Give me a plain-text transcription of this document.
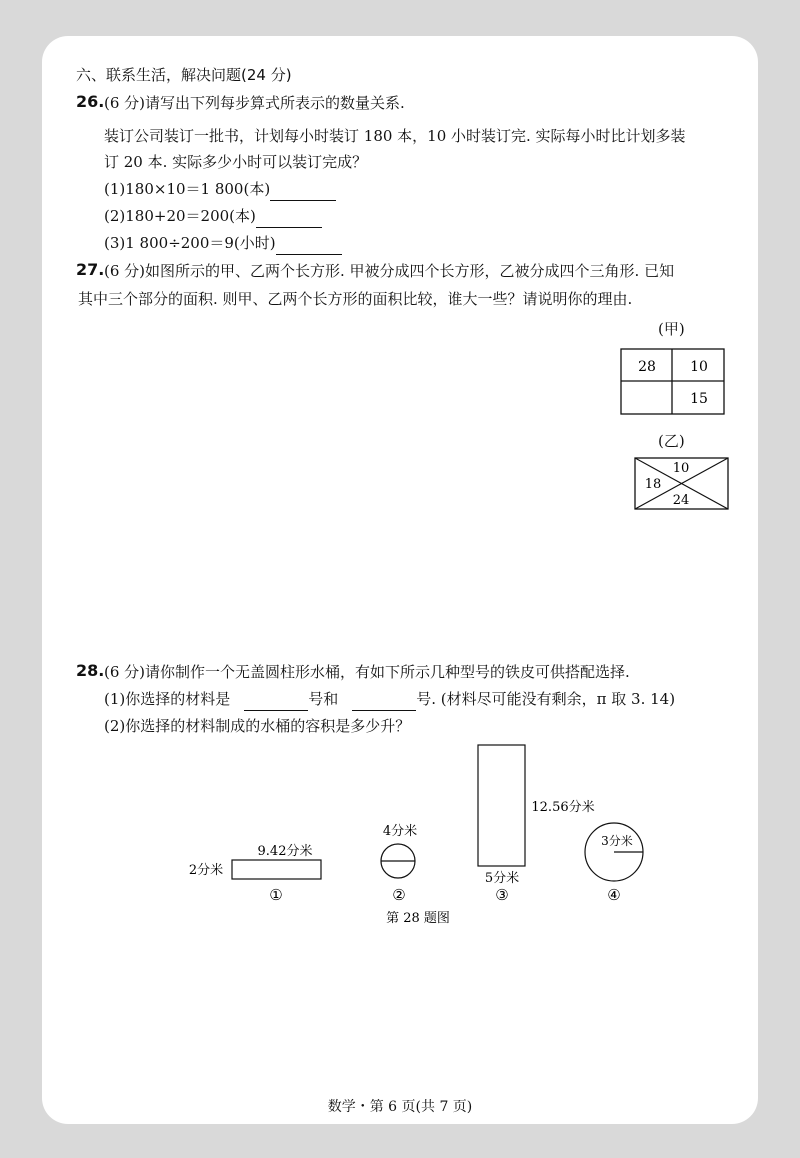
六、联系生活，解决问题(24 分)
26. (6 分)请写出下列每步算式所表示的数量关系.
装订公司装订一批书，计划每小时装订 180 本，10 小时装订完. 实际每小时比计划多装
订 20 本. 实际多少小时可以装订完成？
(1)180×10＝1 800(本)
(2)180+20＝200(本)
(3)1 800÷200＝9(小时)
27. (6 分)如图所示的甲、乙两个长方形. 甲被分成四个长方形，乙被分成四个三角形. 已知
其中三个部分的面积. 则甲、乙两个长方形的面积比较，谁大一些？请说明你的理由.
(甲)
28 10
15
(乙)
10
18
24
28. (6 分)请你制作一个无盖圆柱形水桶，有如下所示几种型号的铁皮可供搭配选择.
(1)你选择的材料是	号和	号. (材料尽可能没有剩余，π 取 3. 14)
(2)你选择的材料制成的水桶的容积是多少升？
9.42分米
2分米
①
4分米
②
12.56分米
5分米
③
3分米
④
第 28 题图
数学・第 6 页(共 7 页)
